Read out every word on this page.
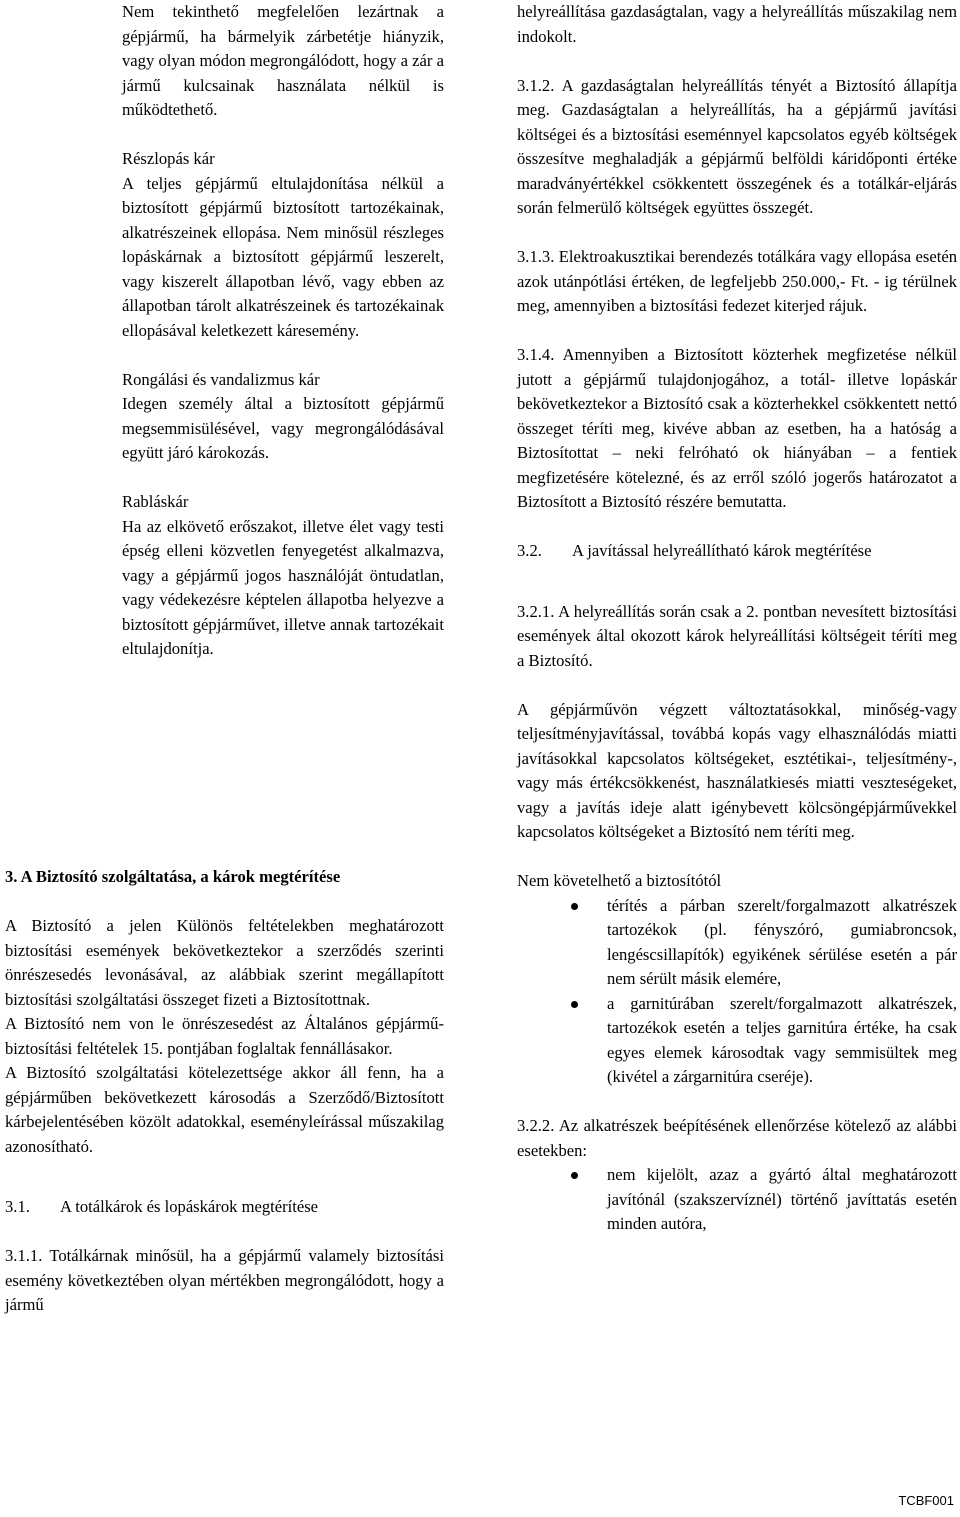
Nem tekinthető megfelelően lezártnak a gépjármű, ha bármelyik zárbetétje hiányzik, vagy olyan módon megrongálódott, hogy a zár a jármű kulcsainak használata nélkül is működtethető.

Részlopás kár

A teljes gépjármű eltulajdonítása nélkül a biztosított gépjármű biztosított tartozékainak, alkatrészeinek ellopása. Nem minősül részleges lopáskárnak a biztosított gépjármű leszerelt, vagy kiszerelt állapotban lévő, vagy ebben az állapotban tárolt alkatrészeinek és tartozékainak ellopásával keletkezett káresemény.

Rongálási és vandalizmus kár

Idegen személy által a biztosított gépjármű megsemmisülésével, vagy megrongálódásával együtt járó károkozás.

Rabláskár

Ha az elkövető erőszakot, illetve élet vagy testi épség elleni közvetlen fenyegetést alkalmazva, vagy a gépjármű jogos használóját öntudatlan, vagy védekezésre képtelen állapotba helyezve a biztosított gépjárművet, illetve annak tartozékait eltulajdonítja.

3. A Biztosító szolgáltatása, a károk megtérítése

A Biztosító a jelen Különös feltételekben meghatározott biztosítási események bekövetkeztekor a szerződés szerinti önrészesedés levonásával, az alábbiak szerint megállapított biztosítási szolgáltatási összeget fizeti a Biztosítottnak.

A Biztosító nem von le önrészesedést az Általános gépjármű-biztosítási feltételek 15. pontjában foglaltak fennállásakor.

A Biztosító szolgáltatási kötelezettsége akkor áll fenn, ha a gépjárműben bekövetkezett károsodás a Szerződő/Biztosított kárbejelentésében közölt adatokkal, eseményleírással műszakilag azonosítható.

3.1.	A totálkárok és lopáskárok megtérítése

3.1.1. Totálkárnak minősül, ha a gépjármű valamely biztosítási esemény következtében olyan mértékben megrongálódott, hogy a jármű

helyreállítása gazdaságtalan, vagy a helyreállítás műszakilag nem indokolt.

3.1.2. A gazdaságtalan helyreállítás tényét a Biztosító állapítja meg. Gazdaságtalan a helyreállítás, ha a gépjármű javítási költségei és a biztosítási eseménnyel kapcsolatos egyéb költségek összesítve meghaladják a gépjármű belföldi káridőponti értéke maradványértékkel csökkentett összegének és a totálkár-eljárás során felmerülő költségek együttes összegét.

3.1.3. Elektroakusztikai berendezés totálkára vagy ellopása esetén azok utánpótlási értéken, de legfeljebb 250.000,- Ft. - ig térülnek meg, amennyiben a biztosítási fedezet kiterjed rájuk.

3.1.4. Amennyiben a Biztosított közterhek megfizetése nélkül jutott a gépjármű tulajdonjogához, a totál- illetve lopáskár bekövetkeztekor a Biztosító csak a közterhekkel csökkentett nettó összeget téríti meg, kivéve abban az esetben, ha a hatóság a Biztosítottat – neki felróható ok hiányában – a fentiek megfizetésére kötelezné, és az erről szóló jogerős határozatot a Biztosított a Biztosító részére bemutatta.

3.2.	A javítással helyreállítható károk megtérítése

3.2.1. A helyreállítás során csak a 2. pontban nevesített biztosítási események által okozott károk helyreállítási költségeit téríti meg a Biztosító.

A gépjárművön végzett változtatásokkal, minőség-vagy teljesítményjavítással, továbbá kopás vagy elhasználódás miatti javításokkal kapcsolatos költségeket, esztétikai-, teljesítmény-, vagy más értékcsökkenést, használatkiesés miatti veszteségeket, vagy a javítás ideje alatt igénybevett kölcsöngépjárművekkel kapcsolatos költségeket a Biztosító nem téríti meg.

Nem követelhető a biztosítótól

térítés a párban szerelt/forgalmazott alkatrészek tartozékok (pl. fényszóró, gumiabroncsok, lengéscsillapítók) egyikének sérülése esetén a pár nem sérült másik elemére,
a garnitúrában szerelt/forgalmazott alkatrészek, tartozékok esetén a teljes garnitúra értéke, ha csak egyes elemek károsodtak vagy semmisültek meg (kivétel a zárgarnitúra cseréje).

3.2.2. Az alkatrészek beépítésének ellenőrzése kötelező az alábbi esetekben:

nem kijelölt, azaz a gyártó által meghatározott javítónál (szakszervíznél) történő javíttatás esetén minden autóra,
TCBF001
